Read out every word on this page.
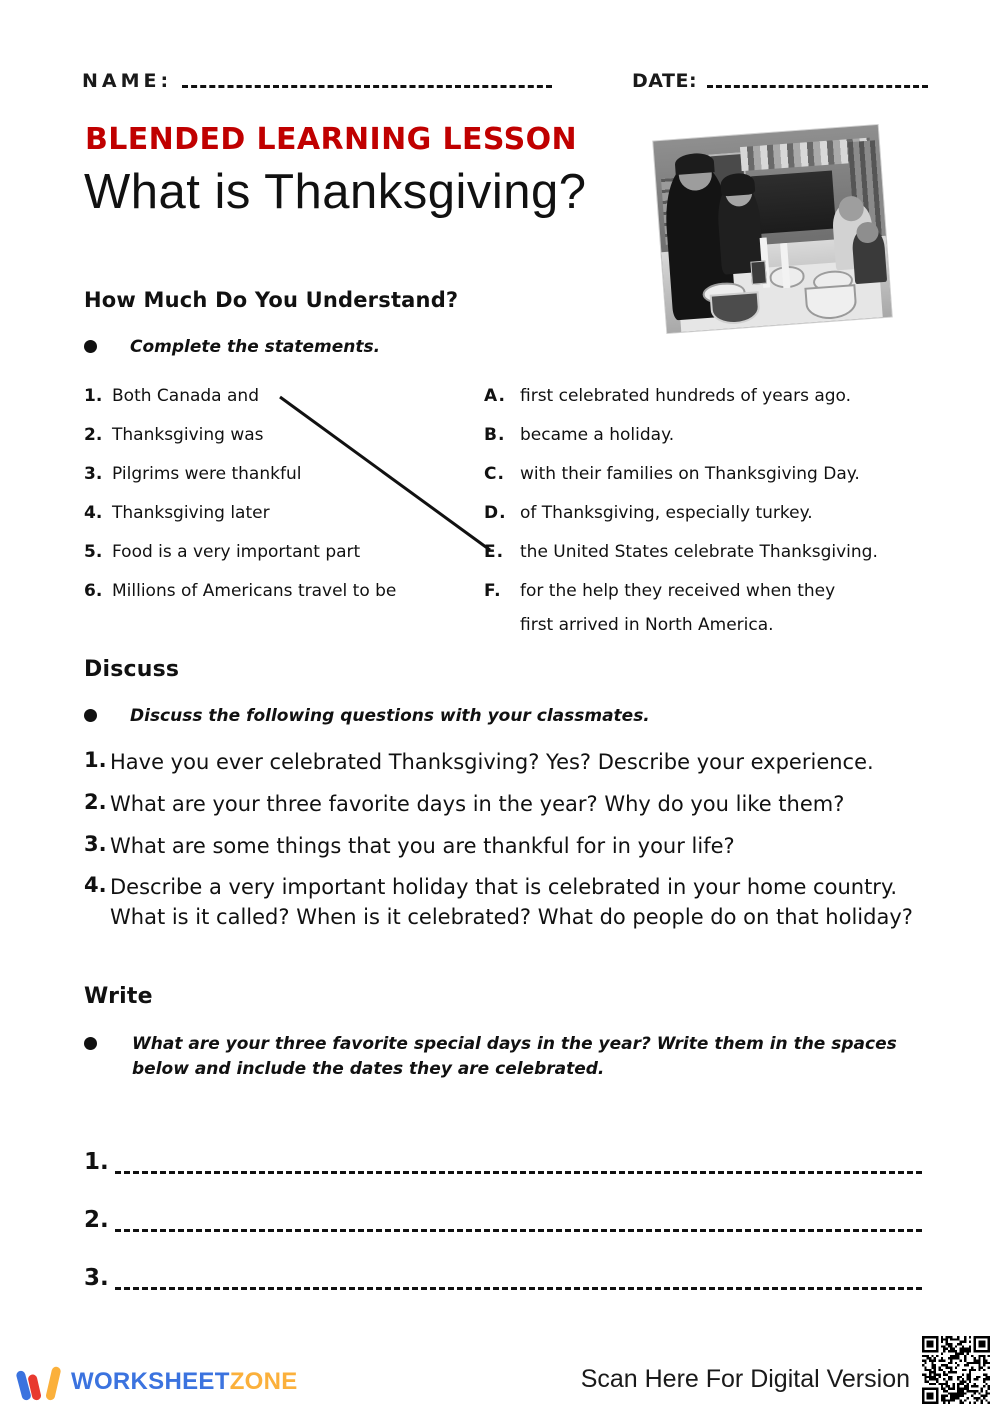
NAME:	DATE:
BLENDED LEARNING LESSON
What is Thanksgiving?
How Much Do You Understand?
Complete the statements.
1. Both Canada and
2. Thanksgiving was
3. Pilgrims were thankful
4. Thanksgiving later
5. Food is a very important part
6. Millions of Americans travel to be
A. first celebrated hundreds of years ago.
B. became a holiday.
C. with their families on Thanksgiving Day.
D. of Thanksgiving, especially turkey.
E. the United States celebrate Thanksgiving.
F.	for the help they received when they
first arrived in North America.
Discuss
Discuss the following questions with your classmates.
1. Have you ever celebrated Thanksgiving? Yes? Describe your experience.
2. What are your three favorite days in the year? Why do you like them?
3. What are some things that you are thankful for in your life?
4. Describe a very important holiday that is celebrated in your home country.
What is it called? When is it celebrated? What do people do on that holiday?
Write
What are your three favorite special days in the year? Write them in the spaces below and include the dates they are celebrated.
1.
2.
3.
WORKSHEETZONE	Scan Here For Digital Version
